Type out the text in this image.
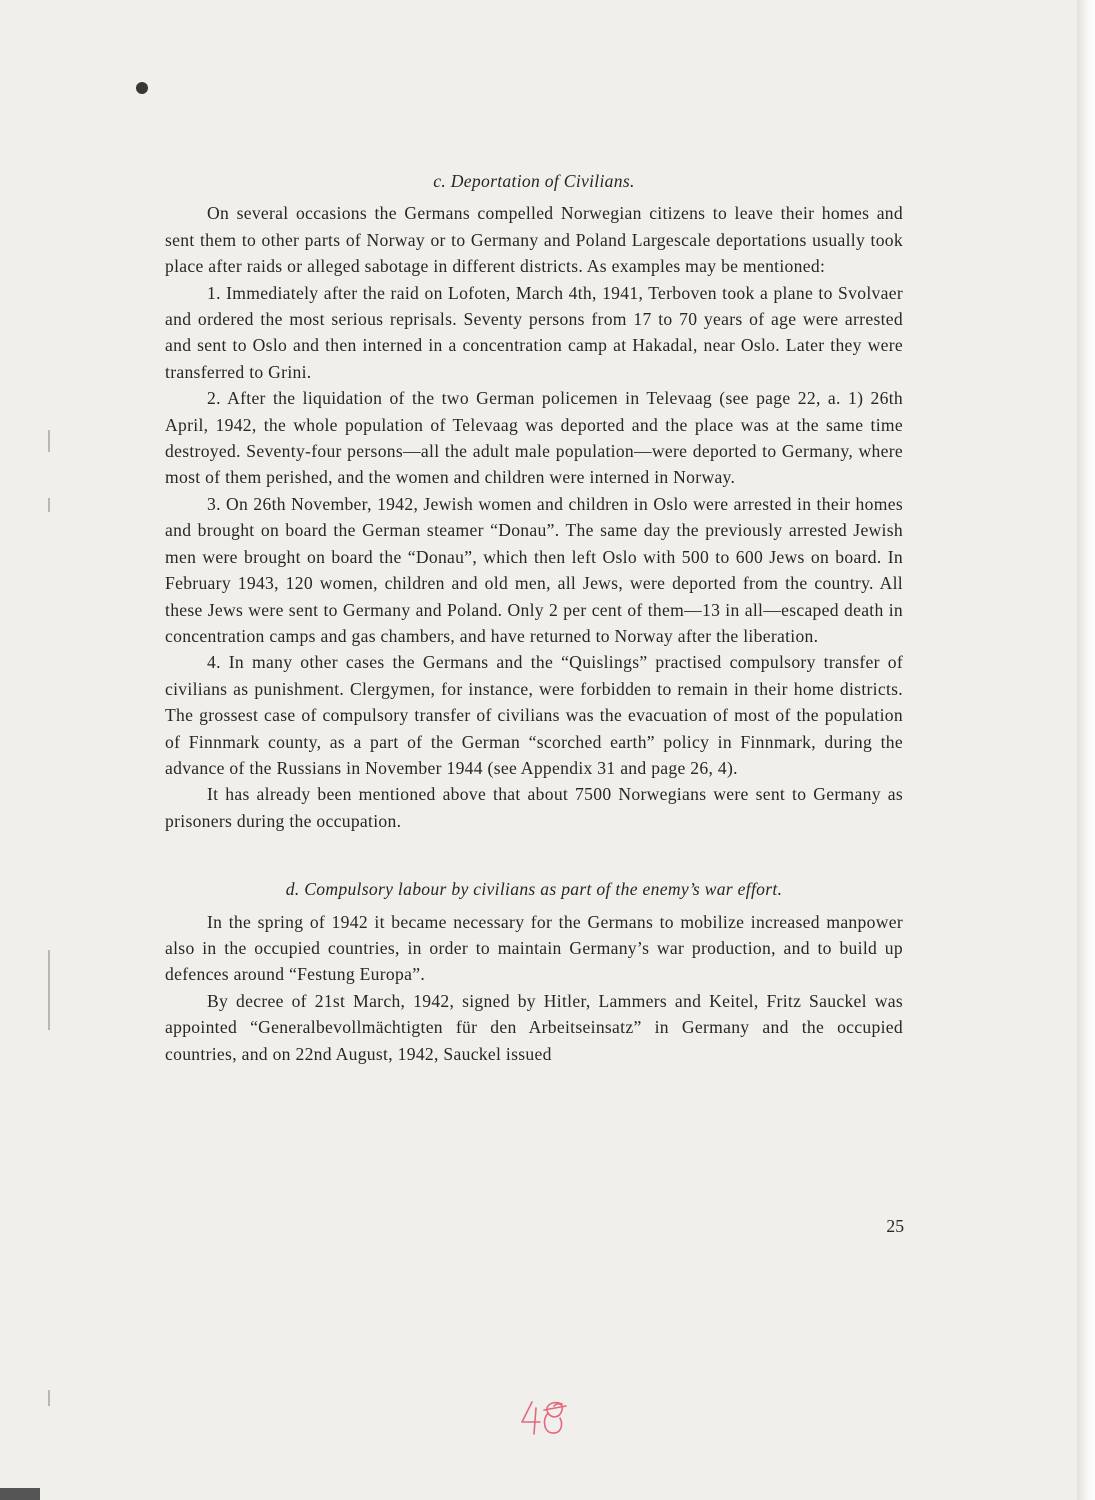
c. Deportation of Civilians.

On several occasions the Germans compelled Norwegian citizens to leave their homes and sent them to other parts of Norway or to Germany and Poland Largescale deportations usually took place after raids or alleged sabotage in different districts. As examples may be mentioned:

1. Immediately after the raid on Lofoten, March 4th, 1941, Terboven took a plane to Svolvaer and ordered the most serious reprisals. Seventy persons from 17 to 70 years of age were arrested and sent to Oslo and then interned in a concentration camp at Hakadal, near Oslo. Later they were transferred to Grini.

2. After the liquidation of the two German policemen in Televaag (see page 22, a. 1) 26th April, 1942, the whole population of Televaag was deported and the place was at the same time destroyed. Seventy-four persons—all the adult male population—were deported to Germany, where most of them perished, and the women and children were interned in Norway.

3. On 26th November, 1942, Jewish women and children in Oslo were arrested in their homes and brought on board the German steamer “Donau”. The same day the previously arrested Jewish men were brought on board the “Donau”, which then left Oslo with 500 to 600 Jews on board. In February 1943, 120 women, children and old men, all Jews, were deported from the country. All these Jews were sent to Germany and Poland. Only 2 per cent of them—13 in all—escaped death in concentration camps and gas chambers, and have returned to Norway after the liberation.

4. In many other cases the Germans and the “Quislings” practised compulsory transfer of civilians as punishment. Clergymen, for instance, were forbidden to remain in their home districts. The grossest case of compulsory transfer of civilians was the evacuation of most of the population of Finnmark county, as a part of the German “scorched earth” policy in Finnmark, during the advance of the Russians in November 1944 (see Appendix 31 and page 26, 4).

It has already been mentioned above that about 7500 Norwegians were sent to Germany as prisoners during the occupation.

d. Compulsory labour by civilians as part of the enemy’s war effort.

In the spring of 1942 it became necessary for the Germans to mobilize increased manpower also in the occupied countries, in order to maintain Germany’s war production, and to build up defences around “Festung Europa”.

By decree of 21st March, 1942, signed by Hitler, Lammers and Keitel, Fritz Sauckel was appointed “Generalbevollmächtigten für den Arbeitseinsatz” in Germany and the occupied countries, and on 22nd August, 1942, Sauckel issued

25
